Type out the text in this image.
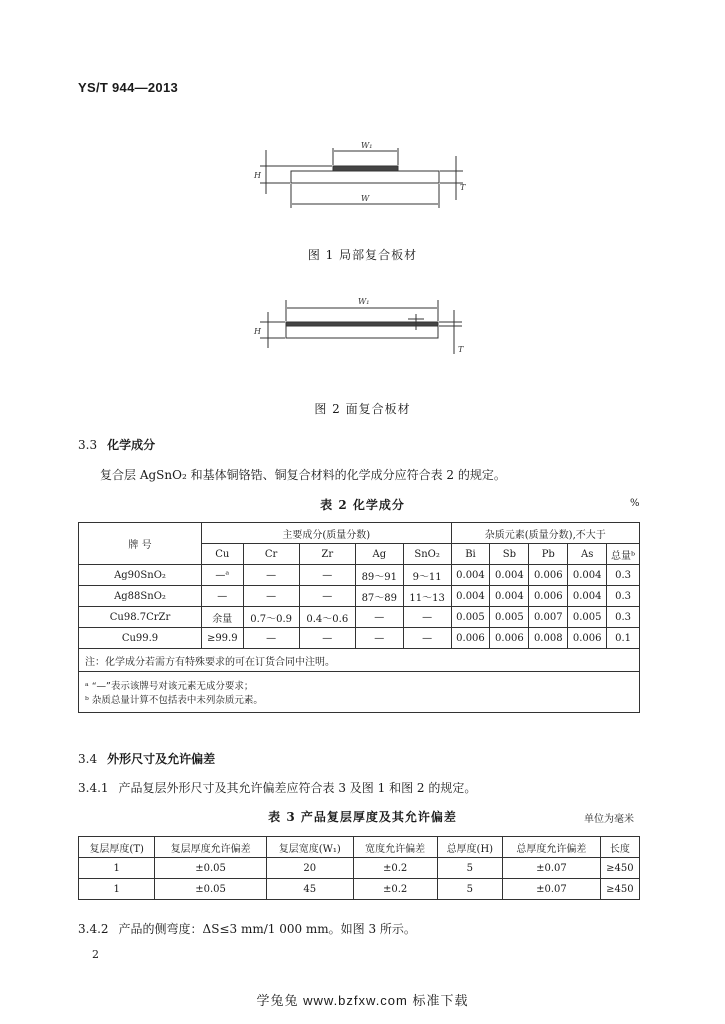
YS/T 944—2013
W₁
W
H
T
图 1 局部复合板材
W₁
H
T
图 2 面复合板材
3.3 化学成分
复合层 AgSnO₂ 和基体铜铬锆、铜复合材料的化学成分应符合表 2 的规定。
表 2 化学成分	%
牌 号	主要成分(质量分数)					杂质元素(质量分数),不大于				
	Cu	Cr	Zr	Ag	SnO₂	Bi	Sb	Pb	As	总量ᵇ
Ag90SnO₂	—ᵃ	—	—	89～91	9～11	0.004	0.004	0.006	0.004	0.3
Ag88SnO₂	—	—	—	87～89	11～13	0.004	0.004	0.006	0.004	0.3
Cu98.7CrZr	余量	0.7～0.9	0.4～0.6	—	—	0.005	0.005	0.007	0.005	0.3
Cu99.9	≥99.9	—	—	—	—	0.006	0.006	0.008	0.006	0.1
注：化学成分若需方有特殊要求的可在订货合同中注明。										
ᵃ “—”表示该牌号对该元素无成分要求；										
ᵇ 杂质总量计算不包括表中未列杂质元素。										
3.4 外形尺寸及允许偏差
3.4.1 产品复层外形尺寸及其允许偏差应符合表 3 及图 1 和图 2 的规定。
表 3 产品复层厚度及其允许偏差	单位为毫米
复层厚度(T)	复层厚度允许偏差	复层宽度(W₁)	宽度允许偏差	总厚度(H)	总厚度允许偏差	长度
1	±0.05	20	±0.2	5	±0.07	≥450
1	±0.05	45	±0.2	5	±0.07	≥450
3.4.2 产品的侧弯度：ΔS≤3 mm/1 000 mm。如图 3 所示。
2
学兔兔 www.bzfxw.com 标准下载
